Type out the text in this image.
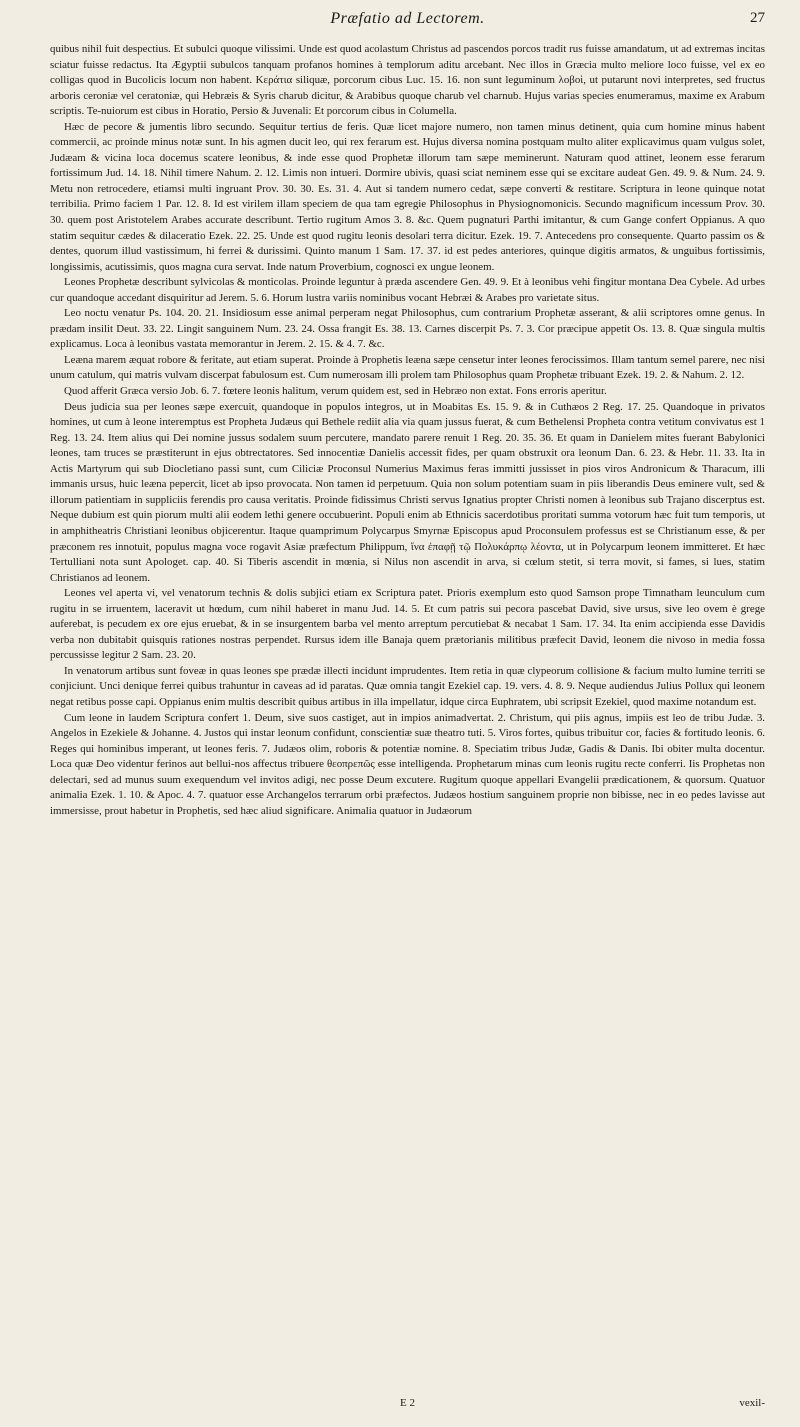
Præfatio ad Lectorem.	27

quibus nihil fuit despectius. Et subulci quoque vilissimi. Unde est quod acolastum Christus ad pascendos porcos tradit rus fuisse amandatum, ut ad extremas incitas sciatur fuisse redactus. Ita Ægyptii subulcos tanquam profanos homines à templorum aditu arcebant. Nec illos in Græcia multo meliore loco fuisse, vel ex eo colligas quod in Bucolicis locum non habent. Κεράτια siliquæ, porcorum cibus Luc. 15. 16. non sunt leguminum λοβοὶ, ut putarunt novi interpretes, sed fructus arboris ceroniæ vel ceratoniæ, qui Hebræis & Syris charub dicitur, & Arabibus quoque charub vel charnub. Hujus varias species enumeramus, maxime ex Arabum scriptis. Te-nuiorum est cibus in Horatio, Persio & Juvenali: Et porcorum cibus in Columella.

Hæc de pecore & jumentis libro secundo. Sequitur tertius de feris. Quæ licet majore numero, non tamen minus detinent, quia cum homine minus habent commercii, ac proinde minus notæ sunt. In his agmen ducit leo, qui rex ferarum est. Hujus diversa nomina postquam multo aliter explicavimus quam vulgus solet, Judæam & vicina loca docemus scatere leonibus, & inde esse quod Prophetæ illorum tam sæpe meminerunt. Naturam quod attinet, leonem esse ferarum fortissimum Jud. 14. 18. Nihil timere Nahum. 2. 12. Limis non intueri. Dormire ubivis, quasi sciat neminem esse qui se excitare audeat Gen. 49. 9. & Num. 24. 9. Metu non retrocedere, etiamsi multi ingruant Prov. 30. 30. Es. 31. 4. Aut si tandem numero cedat, sæpe converti & restitare. Scriptura in leone quinque notat terribilia. Primo faciem 1 Par. 12. 8. Id est virilem illam speciem de qua tam egregie Philosophus in Physiognomonicis. Secundo magnificum incessum Prov. 30. 30. quem post Aristotelem Arabes accurate describunt. Tertio rugitum Amos 3. 8. &c. Quem pugnaturi Parthi imitantur, & cum Gange confert Oppianus. A quo statim sequitur cædes & dilaceratio Ezek. 22. 25. Unde est quod rugitu leonis desolari terra dicitur. Ezek. 19. 7. Antecedens pro consequente. Quarto passim os & dentes, quorum illud vastissimum, hi ferrei & durissimi. Quinto manum 1 Sam. 17. 37. id est pedes anteriores, quinque digitis armatos, & unguibus fortissimis, longissimis, acutissimis, quos magna cura servat. Inde natum Proverbium, cognosci ex ungue leonem.

Leones Prophetæ describunt sylvicolas & monticolas. Proinde leguntur à præda ascendere Gen. 49. 9. Et à leonibus vehi fingitur montana Dea Cybele. Ad urbes cur quandoque accedant disquiritur ad Jerem. 5. 6. Horum lustra variis nominibus vocant Hebræi & Arabes pro varietate situs.

Leo noctu venatur Ps. 104. 20. 21. Insidiosum esse animal perperam negat Philosophus, cum contrarium Prophetæ asserant, & alii scriptores omne genus. In prædam insilit Deut. 33. 22. Lingit sanguinem Num. 23. 24. Ossa frangit Es. 38. 13. Carnes discerpit Ps. 7. 3. Cor præcipue appetit Os. 13. 8. Quæ singula multis explicamus. Loca à leonibus vastata memorantur in Jerem. 2. 15. & 4. 7. &c.

Leæna marem æquat robore & feritate, aut etiam superat. Proinde à Prophetis leæna sæpe censetur inter leones ferocissimos. Illam tantum semel parere, nec nisi unum catulum, qui matris vulvam discerpat fabulosum est. Cum numerosam illi prolem tam Philosophus quam Prophetæ tribuant Ezek. 19. 2. & Nahum. 2. 12.

Quod afferit Græca versio Job. 6. 7. fœtere leonis halitum, verum quidem est, sed in Hebræo non extat. Fons erroris aperitur.

Deus judicia sua per leones sæpe exercuit, quandoque in populos integros, ut in Moabitas Es. 15. 9. & in Cuthæos 2 Reg. 17. 25. Quandoque in privatos homines, ut cum à leone interemptus est Propheta Judæus qui Bethele rediit alia via quam jussus fuerat, & cum Bethelensi Propheta contra vetitum convivatus est 1 Reg. 13. 24. Item alius qui Dei nomine jussus sodalem suum percutere, mandato parere renuit 1 Reg. 20. 35. 36. Et quam in Danielem mites fuerant Babylonici leones, tam truces se præstiterunt in ejus obtrectatores. Sed innocentiæ Danielis accessit fides, per quam obstruxit ora leonum Dan. 6. 23. & Hebr. 11. 33. Ita in Actis Martyrum qui sub Diocletiano passi sunt, cum Ciliciæ Proconsul Numerius Maximus feras immitti jussisset in pios viros Andronicum & Tharacum, illi immanis ursus, huic leæna pepercit, licet ab ipso provocata. Non tamen id perpetuum. Quia non solum potentiam suam in piis liberandis Deus eminere vult, sed & illorum patientiam in suppliciis ferendis pro causa veritatis. Proinde fidissimus Christi servus Ignatius propter Christi nomen à leonibus sub Trajano discerptus est. Neque dubium est quin piorum multi alii eodem lethi genere occubuerint. Populi enim ab Ethnicis sacerdotibus proritati summa votorum hæc fuit tum temporis, ut in amphitheatris Christiani leonibus objicerentur. Itaque quamprimum Polycarpus Smyrnæ Episcopus apud Proconsulem professus est se Christianum esse, & per præconem res innotuit, populus magna voce rogavit Asiæ præfectum Philippum, ἵνα ἐπαφῇ τῷ Πολυκάρπῳ λέοντα, ut in Polycarpum leonem immitteret. Et hæc Tertulliani nota sunt Apologet. cap. 40. Si Tiberis ascendit in mœnia, si Nilus non ascendit in arva, si cœlum stetit, si terra movit, si fames, si lues, statim Christianos ad leonem.

Leones vel aperta vi, vel venatorum technis & dolis subjici etiam ex Scriptura patet. Prioris exemplum esto quod Samson prope Timnatham leunculum cum rugitu in se irruentem, laceravit ut hœdum, cum nihil haberet in manu Jud. 14. 5. Et cum patris sui pecora pascebat David, sive ursus, sive leo ovem è grege auferebat, is pecudem ex ore ejus eruebat, & in se insurgentem barba vel mento arreptum percutiebat & necabat 1 Sam. 17. 34. Ita enim accipienda esse Davidis verba non dubitabit quisquis rationes nostras perpendet. Rursus idem ille Banaja quem prætorianis militibus præfecit David, leonem die nivoso in media fossa percussisse legitur 2 Sam. 23. 20.

In venatorum artibus sunt foveæ in quas leones spe prædæ illecti incidunt imprudentes. Item retia in quæ clypeorum collisione & facium multo lumine territi se conjiciunt. Unci denique ferrei quibus trahuntur in caveas ad id paratas. Quæ omnia tangit Ezekiel cap. 19. vers. 4. 8. 9. Neque audiendus Julius Pollux qui leonem negat retibus posse capi. Oppianus enim multis describit quibus artibus in illa impellatur, idque circa Euphratem, ubi scripsit Ezekiel, quod maxime notandum est.

Cum leone in laudem Scriptura confert 1. Deum, sive suos castiget, aut in impios animadvertat. 2. Christum, qui piis agnus, impiis est leo de tribu Judæ. 3. Angelos in Ezekiele & Johanne. 4. Justos qui instar leonum confidunt, conscientiæ suæ theatro tuti. 5. Viros fortes, quibus tribuitur cor, facies & fortitudo leonis. 6. Reges qui hominibus imperant, ut leones feris. 7. Judæos olim, roboris & potentiæ nomine. 8. Speciatim tribus Judæ, Gadis & Danis. Ibi obiter multa docentur. Loca quæ Deo videntur ferinos aut bellui-nos affectus tribuere θεοπρεπῶς esse intelligenda. Prophetarum minas cum leonis rugitu recte conferri. Iis Prophetas non delectari, sed ad munus suum exequendum vel invitos adigi, nec posse Deum excutere. Rugitum quoque appellari Evangelii prædicationem, & quorsum. Quatuor animalia Ezek. 1. 10. & Apoc. 4. 7. quatuor esse Archangelos terrarum orbi præfectos. Judæos hostium sanguinem proprie non bibisse, nec in eo pedes lavisse aut immersisse, prout habetur in Prophetis, sed hæc aliud significare. Animalia quatuor in Judæorum

E 2	vexil-
